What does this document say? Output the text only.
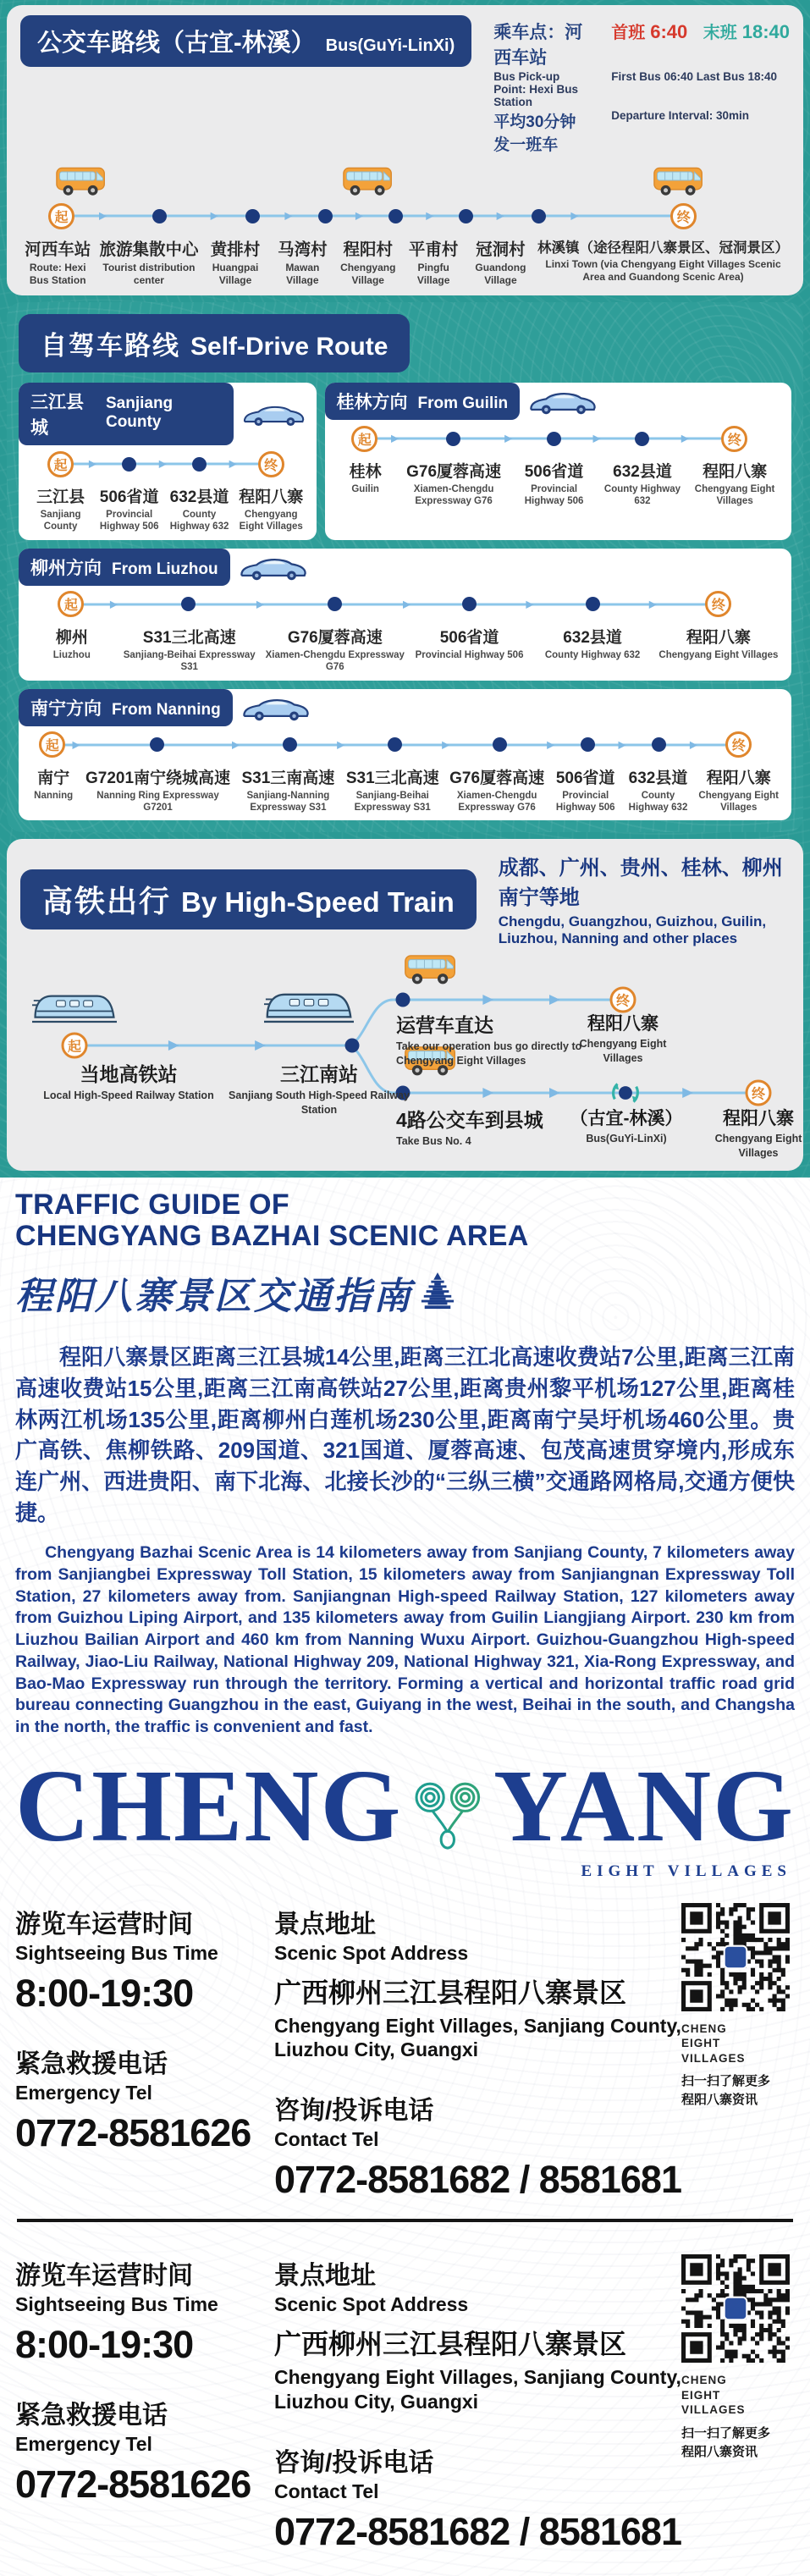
公交车路线（古宜-林溪） Bus(GuYi-LinXi)
乘车点：河西车站
首班 6:40 末班 18:40
Bus Pick-up Point: Hexi Bus Station
First Bus 06:40 Last Bus 18:40
平均30分钟发一班车
Departure Interval: 30min
起
▶
▶
▶
▶
▶
▶	▶ 终
河西车站
Route: Hexi Bus Station
旅游集散中心
Tourist distribution center
黄排村
Huangpai Village
马湾村
Mawan Village
程阳村
Chengyang Village
平甫村
Pingfu Village
冠洞村
Guandong Village
林溪镇（途径程阳八寨景区、冠洞景区）
Linxi Town (via Chengyang Eight Villages Scenic Area and Guandong Scenic Area)
自驾车路线 Self-Drive Route
三江县城
Sanjiang County
起
▶
▶	▶ 终
三江县
Sanjiang County
506省道
Provincial Highway 506
632县道
County Highway 632
程阳八寨
Chengyang Eight Villages
桂林方向 From Guilin
起
▶
▶
▶	▶ 终
桂林
Guilin
G76厦蓉高速
Xiamen-Chengdu Expressway G76
506省道
Provincial Highway 506
632县道
County Highway 632
程阳八寨
Chengyang Eight Villages
柳州方向 From Liuzhou
起
▶
▶
▶
▶	▶ 终
柳州
Liuzhou
S31三北高速
Sanjiang-Beihai Expressway S31
G76厦蓉高速
Xiamen-Chengdu Expressway G76
506省道
Provincial Highway 506
632县道
County Highway 632
程阳八寨
Chengyang Eight Villages
南宁方向 From Nanning
起
▶
▶
▶
▶
▶
▶	▶ 终
南宁
Nanning
G7201南宁绕城高速
Nanning Ring Expressway G7201
S31三南高速
Sanjiang-Nanning Expressway S31
S31三北高速
Sanjiang-Beihai Expressway S31
G76厦蓉高速
Xiamen-Chengdu Expressway G76
506省道
Provincial Highway 506
632县道
County Highway 632
程阳八寨
Chengyang Eight Villages
高铁出行 By High-Speed Train
成都、广州、贵州、桂林、柳州南宁等地
Chengdu, Guangzhou, Guizhou, Guilin, Liuzhou, Nanning and other places
起
终
终
当地高铁站
Local High-Speed Railway Station
三江南站
Sanjiang South High-Speed Railway Station
运营车直达
Take our operation bus go directly to Chengyang Eight Villages
程阳八寨
Chengyang Eight Villages
4路公交车到县城
Take Bus No. 4
（古宜-林溪）
Bus(GuYi-LinXi)
程阳八寨
Chengyang Eight Villages
TRAFFIC GUIDE OF
CHENGYANG BAZHAI SCENIC AREA
程阳八寨景区交通指南

程阳八寨景区距离三江县城14公里,距离三江北高速收费站7公里,距离三江南高速收费站15公里,距离三江南高铁站27公里,距离贵州黎平机场127公里,距离桂林两江机场135公里,距离柳州白莲机场230公里,距离南宁吴圩机场460公里。贵广高铁、焦柳铁路、209国道、321国道、厦蓉高速、包茂高速贯穿境内,形成东连广州、西进贵阳、南下北海、北接长沙的“三纵三横”交通路网格局,交通方便快捷。

Chengyang Bazhai Scenic Area is 14 kilometers away from Sanjiang County, 7 kilometers away from Sanjiangbei Expressway Toll Station, 15 kilometers away from Sanjiangnan Expressway Toll Station, 27 kilometers away from. Sanjiangnan High-speed Railway Station, 127 kilometers away from Guizhou Liping Airport, and 135 kilometers away from Guilin Liangjiang Airport. 230 km from Liuzhou Bailian Airport and 460 km from Nanning Wuxu Airport. Guizhou-Guangzhou High-speed Railway, Jiao-Liu Railway, National Highway 209, National Highway 321, Xia-Rong Expressway, and Bao-Mao Expressway run through the territory. Forming a vertical and horizontal traffic road grid bureau connecting Guangzhou in the east, Guiyang in the west, Beihai in the south, and Changsha in the north, the traffic is convenient and fast.

CHENG YANG
EIGHT VILLAGES
游览车运营时间
Sightseeing Bus Time
8:00-19:30
紧急救援电话
Emergency Tel
0772-8581626
景点地址
Scenic Spot Address
广西柳州三江县程阳八寨景区
Chengyang Eight Villages, Sanjiang County, Liuzhou City, Guangxi
咨询/投诉电话
Contact Tel
0772-8581682 / 8581681
CHENG
EIGHT
VILLAGES
扫一扫了解更多
程阳八寨资讯
游览车运营时间
Sightseeing Bus Time
8:00-19:30
紧急救援电话
Emergency Tel
0772-8581626
景点地址
Scenic Spot Address
广西柳州三江县程阳八寨景区
Chengyang Eight Villages, Sanjiang County, Liuzhou City, Guangxi
咨询/投诉电话
Contact Tel
0772-8581682 / 8581681
CHENG
EIGHT
VILLAGES
扫一扫了解更多
程阳八寨资讯
